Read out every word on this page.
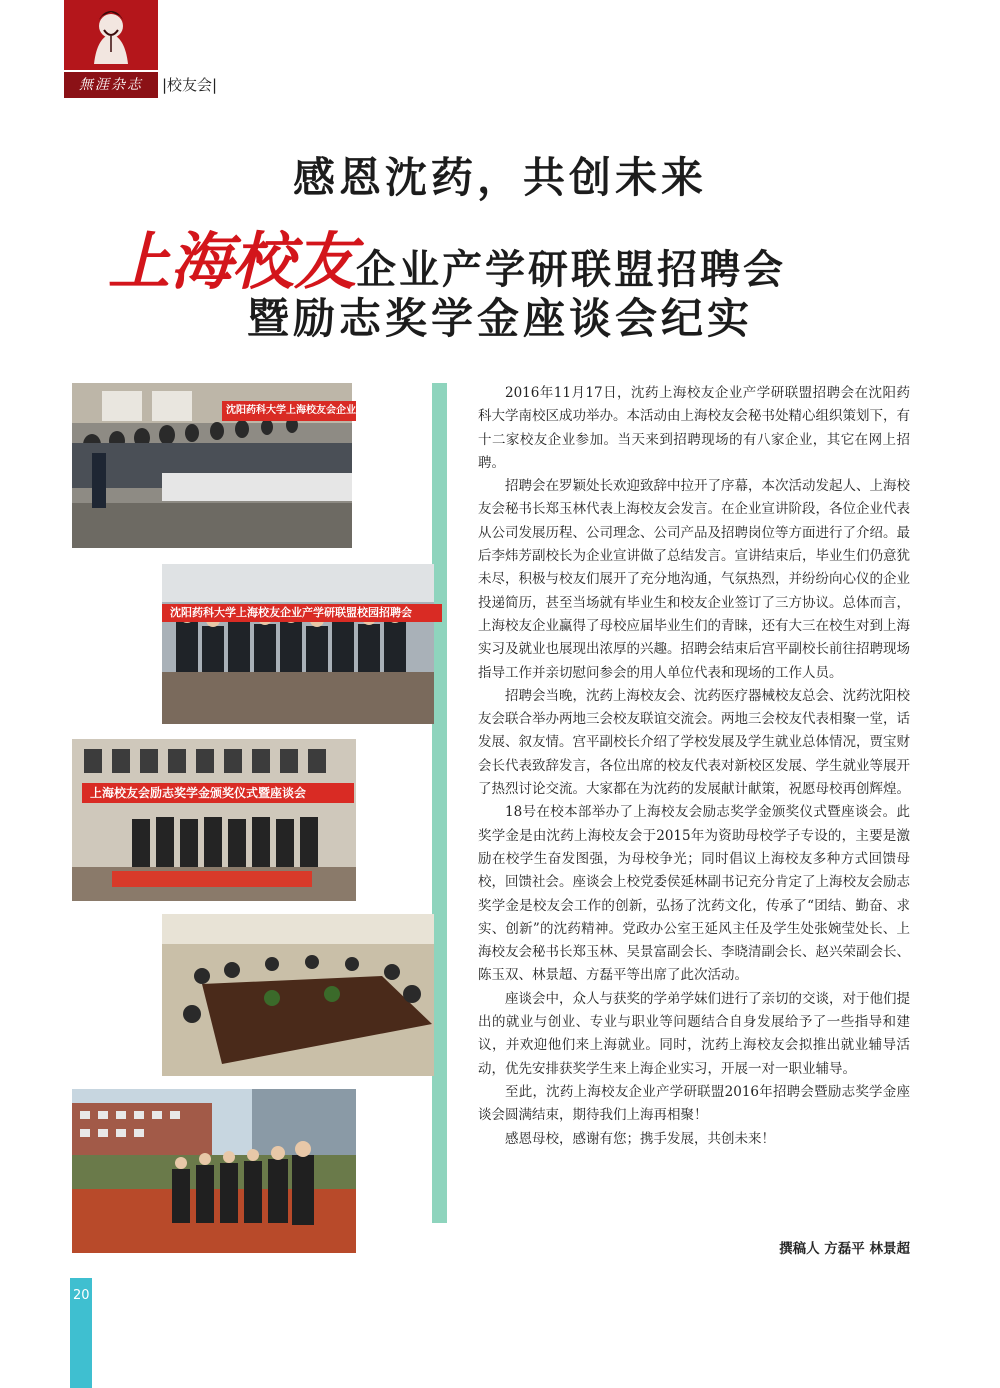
無涯杂志	|校友会|
感恩沈药，共创未来
上海校友企业产学研联盟招聘会
暨励志奖学金座谈会纪实
沈阳药科大学上海校友会企业产学研联盟
沈阳药科大学上海校友企业产学研联盟校园招聘会
上海校友会励志奖学金颁奖仪式暨座谈会

2016年11月17日，沈药上海校友企业产学研联盟招聘会在沈阳药科大学南校区成功举办。本活动由上海校友会秘书处精心组织策划下，有十二家校友企业参加。当天来到招聘现场的有八家企业，其它在网上招聘。

招聘会在罗颖处长欢迎致辞中拉开了序幕，本次活动发起人、上海校友会秘书长郑玉林代表上海校友会发言。在企业宣讲阶段，各位企业代表从公司发展历程、公司理念、公司产品及招聘岗位等方面进行了介绍。最后李炜芳副校长为企业宣讲做了总结发言。宣讲结束后，毕业生们仍意犹未尽，积极与校友们展开了充分地沟通，气氛热烈，并纷纷向心仪的企业投递简历，甚至当场就有毕业生和校友企业签订了三方协议。总体而言，上海校友企业赢得了母校应届毕业生们的青睐，还有大三在校生对到上海实习及就业也展现出浓厚的兴趣。招聘会结束后宫平副校长前往招聘现场指导工作并亲切慰问参会的用人单位代表和现场的工作人员。

招聘会当晚，沈药上海校友会、沈药医疗器械校友总会、沈药沈阳校友会联合举办两地三会校友联谊交流会。两地三会校友代表相聚一堂，话发展、叙友情。宫平副校长介绍了学校发展及学生就业总体情况，贾宝财会长代表致辞发言，各位出席的校友代表对新校区发展、学生就业等展开了热烈讨论交流。大家都在为沈药的发展献计献策，祝愿母校再创辉煌。

18号在校本部举办了上海校友会励志奖学金颁奖仪式暨座谈会。此奖学金是由沈药上海校友会于2015年为资助母校学子专设的，主要是激励在校学生奋发图强，为母校争光；同时倡议上海校友多种方式回馈母校，回馈社会。座谈会上校党委侯延林副书记充分肯定了上海校友会励志奖学金是校友会工作的创新，弘扬了沈药文化，传承了“团结、勤奋、求实、创新”的沈药精神。党政办公室王延风主任及学生处张婉莹处长、上海校友会秘书长郑玉林、吴景富副会长、李晓清副会长、赵兴荣副会长、陈玉双、林景超、方磊平等出席了此次活动。

座谈会中，众人与获奖的学弟学妹们进行了亲切的交谈，对于他们提出的就业与创业、专业与职业等问题结合自身发展给予了一些指导和建议，并欢迎他们来上海就业。同时，沈药上海校友会拟推出就业辅导活动，优先安排获奖学生来上海企业实习，开展一对一职业辅导。

至此，沈药上海校友企业产学研联盟2016年招聘会暨励志奖学金座谈会圆满结束，期待我们上海再相聚！

感恩母校，感谢有您；携手发展，共创未来！

撰稿人 方磊平 林景超
20
